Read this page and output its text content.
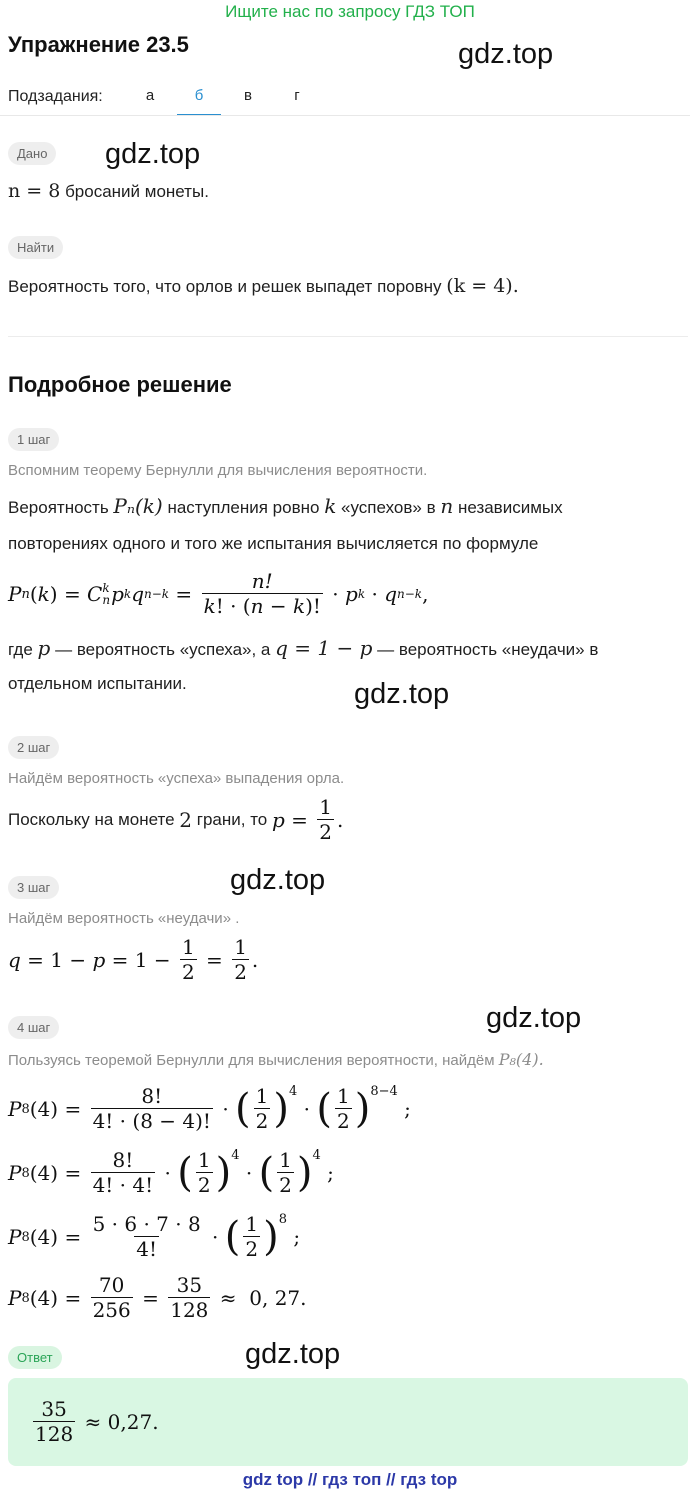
Ищите нас по запросу ГДЗ ТОП
Упражнение 23.5	gdz.top
Подзадания:	а	б	в	г
Дано	gdz.top
n = 8 бросаний монеты.
Найти
Вероятность того, что орлов и решек выпадет поровну (k = 4).
Подробное решение
1 шаг
Вспомним теорему Бернулли для вычисления вероятности.
Вероятность Pₙ(k) наступления ровно k «успехов» в n независимых
повторениях одного и того же испытания вычисляется по формуле
P n ( k ) = C k
n p k q $n-k = \frac{n!}{k! \cdot (n - k)!} \cdot p$ k · q n−k ,
где p — вероятность «успеха», а q = 1 − p — вероятность «неудачи» в
отдельном испытании.	gdz.top
2 шаг
Найдём вероятность «успеха» выпадения орла.
Поскольку на монете
2
грани, то
$p = \frac{1}{2}$ .
3 шаг	gdz.top
Найдём вероятность «неудачи» .
$q = 1 - p = 1 - \frac{1}{2} = \frac{1}{2}$ .
4 шаг	gdz.top
Пользуясь теоремой Бернулли для вычисления вероятности, найдём P₈(4).
P 8 $(4) = \frac{8!}{4! \cdot (8 - 4)!}$ · ( $\frac{1}{2} )^4$
· ( $\frac{1}{2} )^{8-4}$
;
P 8 $(4) = \frac{8!}{4! \cdot 4!}$ · ( $\frac{1}{2} )^4$
· ( $\frac{1}{2} )^4$
;
P 8 $(4) = \frac{5 \cdot 6 \cdot 7 \cdot 8}{4!}$ · ( $\frac{1}{2} )^8$
;
P 8 $(4) = \frac{70}{256} = \frac{35}{128} \approx 0$, 27.
Ответ	gdz.top
$\frac{35}{128}$
≈ 0,27.
gdz top // гдз топ // гдз top
